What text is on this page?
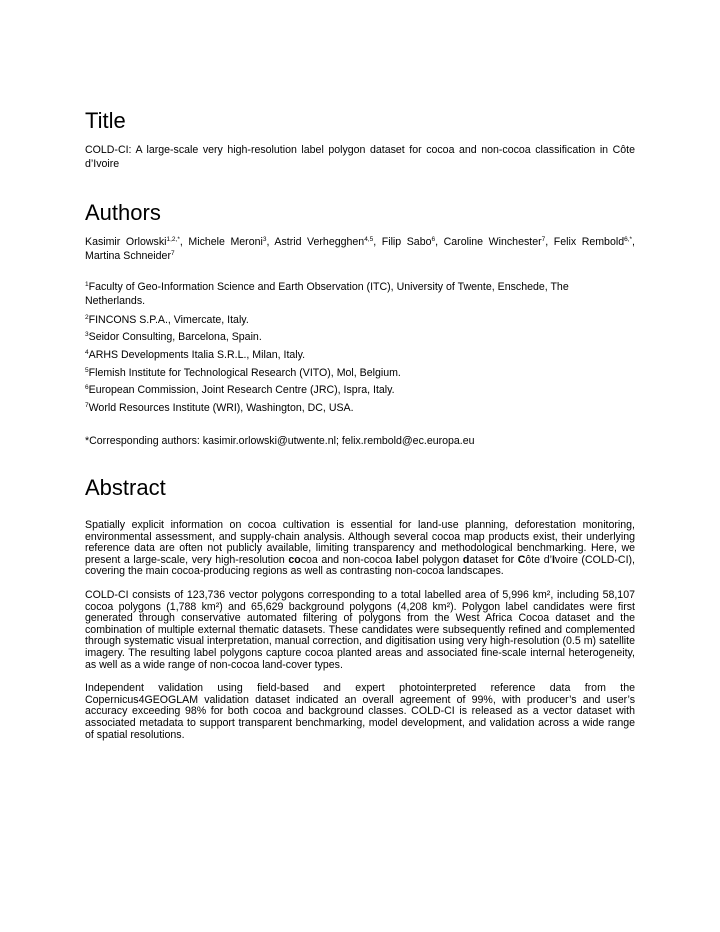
Title
COLD-CI: A large-scale very high-resolution label polygon dataset for cocoa and non-cocoa classification in Côte d’Ivoire
Authors
Kasimir Orlowski$^{1,2,*}$, Michele Meroni$^3$, Astrid Verhegghen$^{4,5}$, Filip Sabo$^6$, Caroline Winchester$^7$, Felix Rembold$^{6,*}$, Martina Schneider$^7$

$^1$Faculty of Geo-Information Science and Earth Observation (ITC), University of Twente, Enschede, The Netherlands.

$^2$FINCONS S.P.A., Vimercate, Italy.

$^3$Seidor Consulting, Barcelona, Spain.

$^4$ARHS Developments Italia S.R.L., Milan, Italy.

$^5$Flemish Institute for Technological Research (VITO), Mol, Belgium.

$^6$European Commission, Joint Research Centre (JRC), Ispra, Italy.

$^7$World Resources Institute (WRI), Washington, DC, USA.

*Corresponding authors: kasimir.orlowski@utwente.nl; felix.rembold@ec.europa.eu
Abstract

Spatially explicit information on cocoa cultivation is essential for land-use planning, deforestation monitoring, environmental assessment, and supply-chain analysis. Although several cocoa map products exist, their underlying reference data are often not publicly available, limiting transparency and methodological benchmarking. Here, we present a large-scale, very high-resolution cocoa and non-cocoa label polygon dataset for Côte d’Ivoire (COLD-CI), covering the main cocoa-producing regions as well as contrasting non-cocoa landscapes.

COLD-CI consists of 123,736 vector polygons corresponding to a total labelled area of 5,996 km², including 58,107 cocoa polygons (1,788 km²) and 65,629 background polygons (4,208 km²). Polygon label candidates were first generated through conservative automated filtering of polygons from the West Africa Cocoa dataset and the combination of multiple external thematic datasets. These candidates were subsequently refined and complemented through systematic visual interpretation, manual correction, and digitisation using very high-resolution (0.5 m) satellite imagery. The resulting label polygons capture cocoa planted areas and associated fine-scale internal heterogeneity, as well as a wide range of non-cocoa land-cover types.

Independent validation using field-based and expert photointerpreted reference data from the Copernicus4GEOGLAM validation dataset indicated an overall agreement of 99%, with producer’s and user’s accuracy exceeding 98% for both cocoa and background classes. COLD-CI is released as a vector dataset with associated metadata to support transparent benchmarking, model development, and validation across a wide range of spatial resolutions.
